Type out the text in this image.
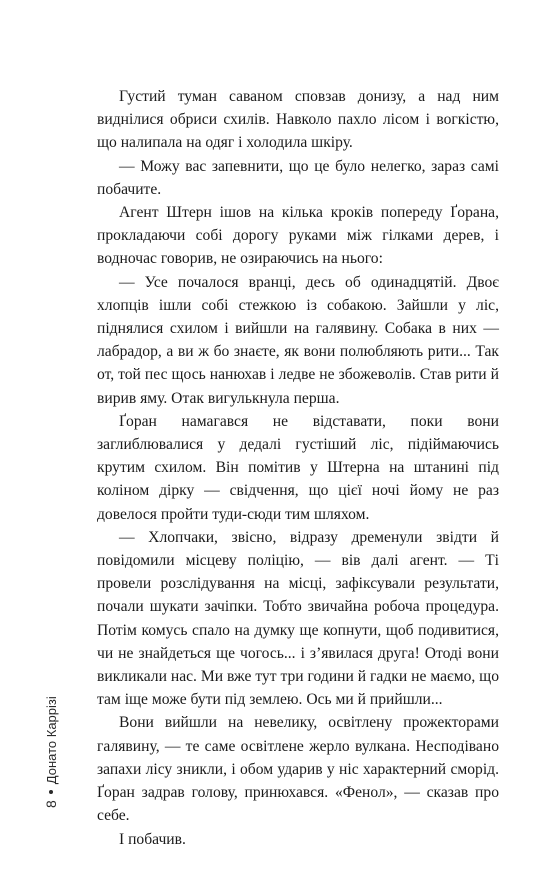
Густий туман саваном сповзав донизу, а над ним виднілися обриси схилів. Навколо пахло лісом і вогкістю, що налипала на одяг і холодила шкіру.

— Можу вас запевнити, що це було нелегко, зараз самі побачите.

Агент Штерн ішов на кілька кроків попереду Ґорана, прокладаючи собі дорогу руками між гілками дерев, і водночас говорив, не озираючись на нього:

— Усе почалося вранці, десь об одинадцятій. Двоє хлопців ішли собі стежкою із собакою. Зайшли у ліс, піднялися схилом і вийшли на галявину. Собака в них — лабрадор, а ви ж бо знаєте, як вони полюбляють рити... Так от, той пес щось нанюхав і ледве не збожеволів. Став рити й вирив яму. Отак вигулькнула перша.

Ґоран намагався не відставати, поки вони заглиблювалися у дедалі густіший ліс, підіймаючись крутим схилом. Він помітив у Штерна на штанині під коліном дірку — свідчення, що цієї ночі йому не раз довелося пройти туди-сюди тим шляхом.

— Хлопчаки, звісно, відразу дременули звідти й повідомили місцеву поліцію, — вів далі агент. — Ті провели розслідування на місці, зафіксували результати, почали шукати зачіпки. Тобто звичайна робоча процедура. Потім комусь спало на думку ще копнути, щоб подивитися, чи не знайдеться ще чогось... і з’явилася друга! Отоді вони викликали нас. Ми вже тут три години й гадки не маємо, що там іще може бути під землею. Ось ми й прийшли...

Вони вийшли на невелику, освітлену прожекторами галявину, — те саме освітлене жерло вулкана. Несподівано запахи лісу зникли, і обом ударив у ніс характерний сморід. Ґоран задрав голову, принюхався. «Фенол», — сказав про себе.

І побачив.

8
Донато Каррізі
